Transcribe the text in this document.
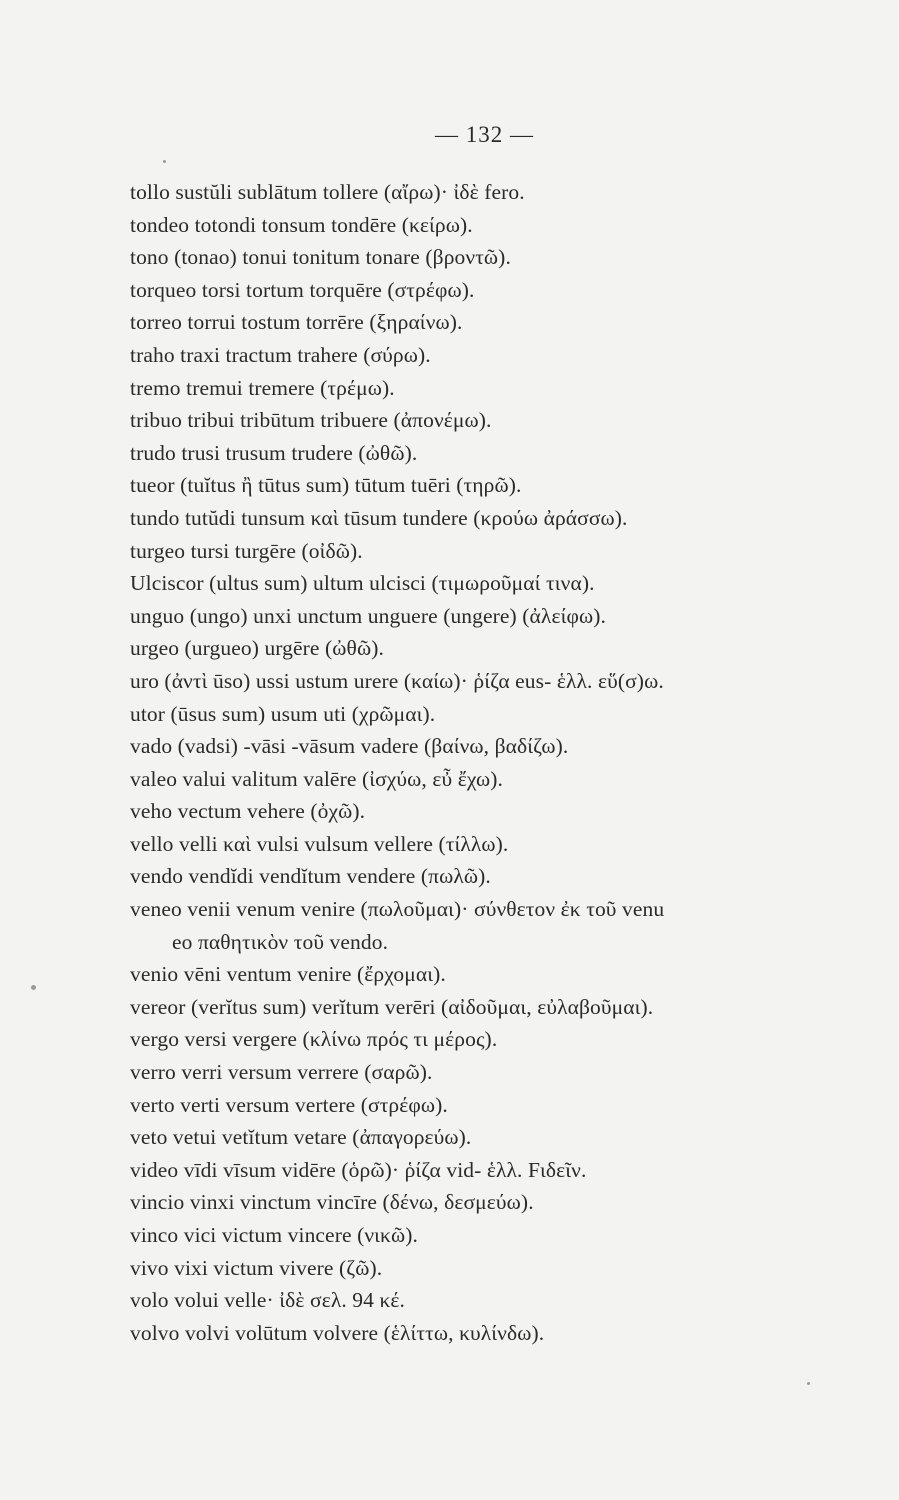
— 132 —
tollo sustŭli sublātum tollere (αἴρω)· ἰδὲ fero.
tondeo totondi tonsum tondēre (κείρω).
tono (tonao) tonui tonitum tonare (βροντῶ).
torqueo torsi tortum torquēre (στρέφω).
torreo torrui tostum torrēre (ξηραίνω).
traho traxi tractum trahere (σύρω).
tremo tremui tremere (τρέμω).
tribuo tribui tribūtum tribuere (ἀπονέμω).
trudo trusi trusum trudere (ὠθῶ).
tueor (tuĭtus ἢ tūtus sum) tūtum tuēri (τηρῶ).
tundo tutŭdi tunsum καὶ tūsum tundere (κρούω ἀράσσω).
turgeo tursi turgēre (οἰδῶ).
Ulciscor (ultus sum) ultum ulcisci (τιμωροῦμαί τινα).
unguo (ungo) unxi unctum unguere (ungere) (ἀλείφω).
urgeo (urgueo) urgēre (ὠθῶ).
uro (ἀντὶ ūso) ussi ustum urere (καίω)· ῥίζα eus- ἑλλ. εὕ(σ)ω.
utor (ūsus sum) usum uti (χρῶμαι).
vado (vadsi) -vāsi -vāsum vadere (βαίνω, βαδίζω).
valeo valui valitum valēre (ἰσχύω, εὖ ἔχω).
veho vectum vehere (ὀχῶ).
vello velli καὶ vulsi vulsum vellere (τίλλω).
vendo vendĭdi vendĭtum vendere (πωλῶ).
veneo venii venum venire (πωλοῦμαι)· σύνθετον ἐκ τοῦ venu
eo παθητικὸν τοῦ vendo.
venio vēni ventum venire (ἔρχομαι).
vereor (verĭtus sum) verĭtum verēri (αἰδοῦμαι, εὐλαβοῦμαι).
vergo versi vergere (κλίνω πρός τι μέρος).
verro verri versum verrere (σαρῶ).
verto verti versum vertere (στρέφω).
veto vetui vetĭtum vetare (ἀπαγορεύω).
video vīdi vīsum vidēre (ὁρῶ)· ῥίζα vid- ἑλλ. Fιδεῖν.
vincio vinxi vinctum vincīre (δένω, δεσμεύω).
vinco vici victum vincere (νικῶ).
vivo vixi victum vivere (ζῶ).
volo volui velle· ἰδὲ σελ. 94 κέ.
volvo volvi volūtum volvere (ἑλίττω, κυλίνδω).
